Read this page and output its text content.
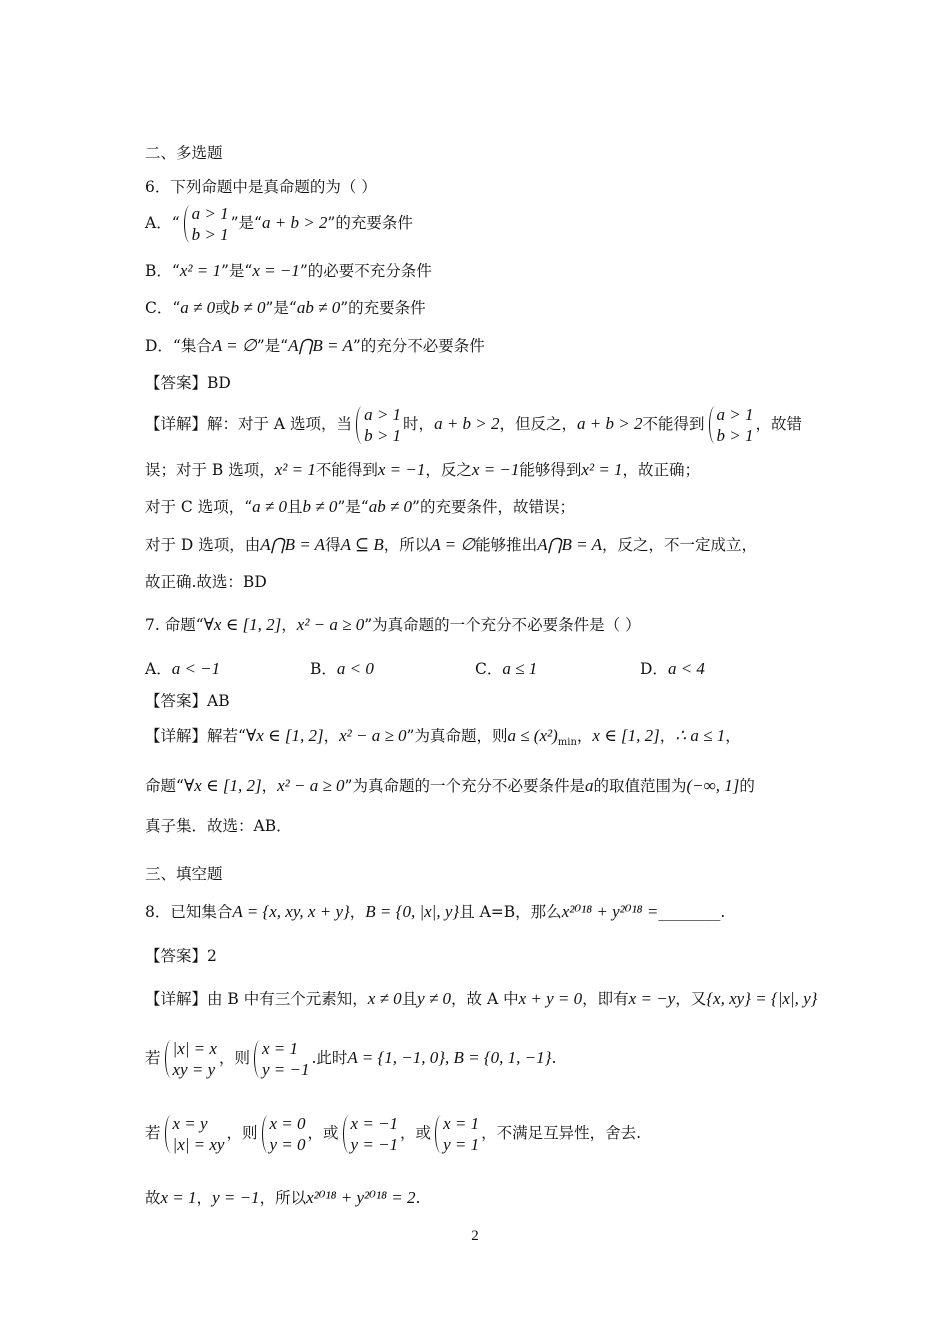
二、多选题
6．下列命题中是真命题的为（ ）
A．“ a > 1
b > 1
”是“a + b > 2”的充要条件
B．“x² = 1”是“x = −1”的必要不充分条件
C．“a ≠ 0或b ≠ 0”是“ab ≠ 0”的充要条件
D．“集合A = ∅”是“A⋂B = A”的充分不必要条件
【答案】BD
【详解】解：对于 A 选项，当 a > 1
b > 1
时，a + b > 2，但反之，a + b > 2不能得到 a > 1
b > 1
，故错
误；对于 B 选项，x² = 1不能得到x = −1，反之x = −1能够得到x² = 1，故正确；
对于 C 选项，“a ≠ 0且b ≠ 0”是“ab ≠ 0”的充要条件，故错误；
对于 D 选项，由A⋂B = A得A ⊆ B，所以A = ∅能够推出A⋂B = A，反之，不一定成立，
故正确.故选：BD
7. 命题“∀x ∈ [1, 2]，x² − a ≥ 0”为真命题的一个充分不必要条件是（ ）
A．a < −1	B．a < 0	C．a ≤ 1	D．a < 4
【答案】AB
【详解】解若“∀x ∈ [1, 2]，x² − a ≥ 0”为真命题，则$a \le (x^2)_{min}$，x ∈ [1, 2]，∴ a ≤ 1，
命题“∀x ∈ [1, 2]，x² − a ≥ 0”为真命题的一个充分不必要条件是a的取值范围为(−∞, 1]的
真子集．故选：AB．
三、填空题
8．已知集合A = {x, xy, x + y}，B = {0, |x|, y}且 A=B，那么x²⁰¹⁸ + y²⁰¹⁸ =________.
【答案】2
【详解】由 B 中有三个元素知，x ≠ 0且y ≠ 0，故 A 中x + y = 0，即有x = −y，又{x, xy} = {|x|, y}
若 |x| = x
xy = y
，则 x = 1
y = −1
.此时A = {1, −1, 0}, B = {0, 1, −1}.
若 x = y
|x| = xy
，则 x = 0
y = 0
，或 x = −1
y = −1
，或 x = 1
y = 1
，不满足互异性，舍去.
故x = 1，y = −1，所以x²⁰¹⁸ + y²⁰¹⁸ = 2.
2
